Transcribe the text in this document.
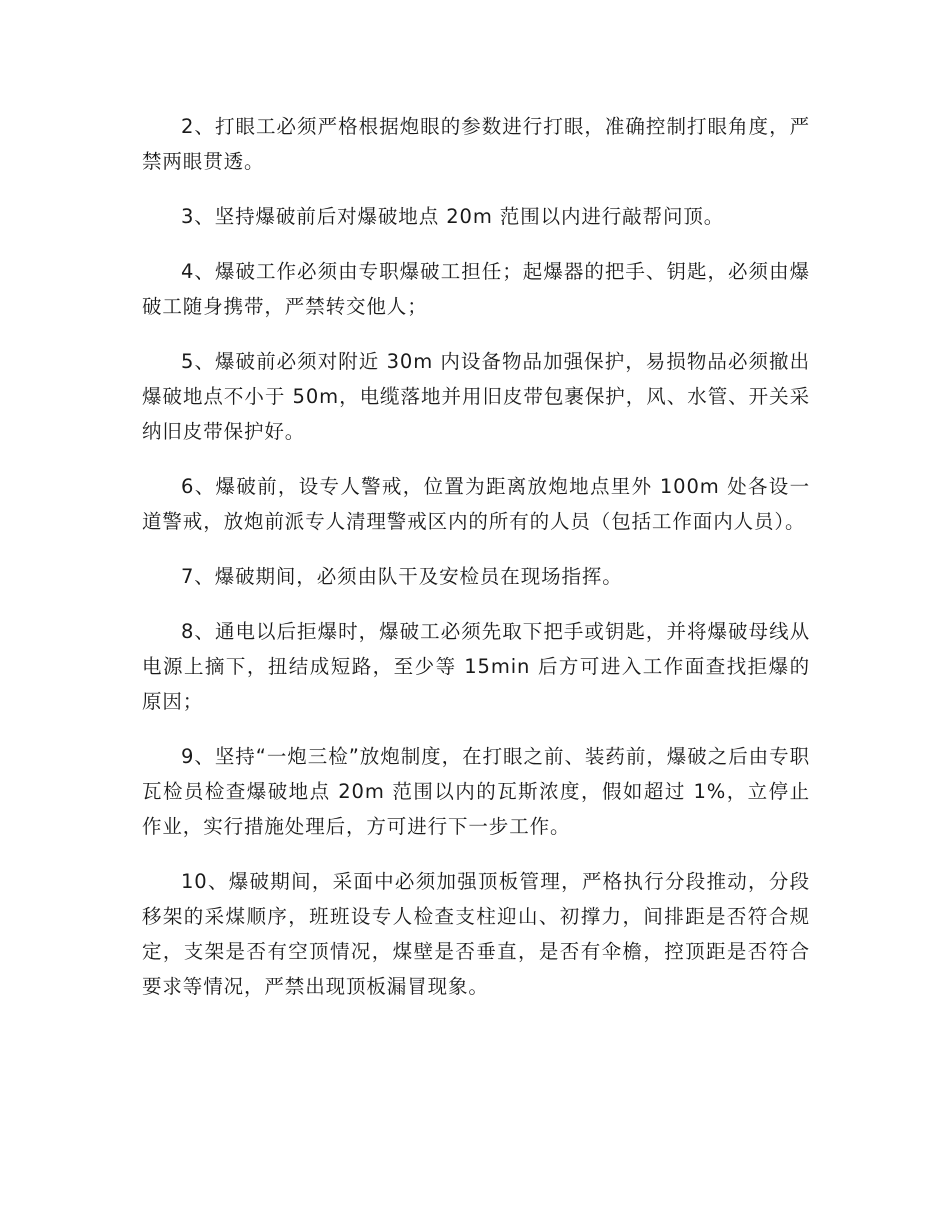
2、打眼工必须严格根据炮眼的参数进行打眼，准确控制打眼角度，严禁两眼贯透。

3、坚持爆破前后对爆破地点 20m 范围以内进行敲帮问顶。

4、爆破工作必须由专职爆破工担任；起爆器的把手、钥匙，必须由爆破工随身携带，严禁转交他人；

5、爆破前必须对附近 30m 内设备物品加强保护，易损物品必须撤出爆破地点不小于 50m，电缆落地并用旧皮带包裹保护，风、水管、开关采纳旧皮带保护好。

6、爆破前，设专人警戒，位置为距离放炮地点里外 100m 处各设一道警戒，放炮前派专人清理警戒区内的所有的人员（包括工作面内人员）。

7、爆破期间，必须由队干及安检员在现场指挥。

8、通电以后拒爆时，爆破工必须先取下把手或钥匙，并将爆破母线从电源上摘下，扭结成短路，至少等 15min 后方可进入工作面查找拒爆的原因；

9、坚持“一炮三检”放炮制度，在打眼之前、装药前，爆破之后由专职瓦检员检查爆破地点 20m 范围以内的瓦斯浓度，假如超过 1%，立停止作业，实行措施处理后，方可进行下一步工作。

10、爆破期间，采面中必须加强顶板管理，严格执行分段推动，分段移架的采煤顺序，班班设专人检查支柱迎山、初撑力，间排距是否符合规定，支架是否有空顶情况，煤壁是否垂直，是否有伞檐，控顶距是否符合要求等情况，严禁出现顶板漏冒现象。
